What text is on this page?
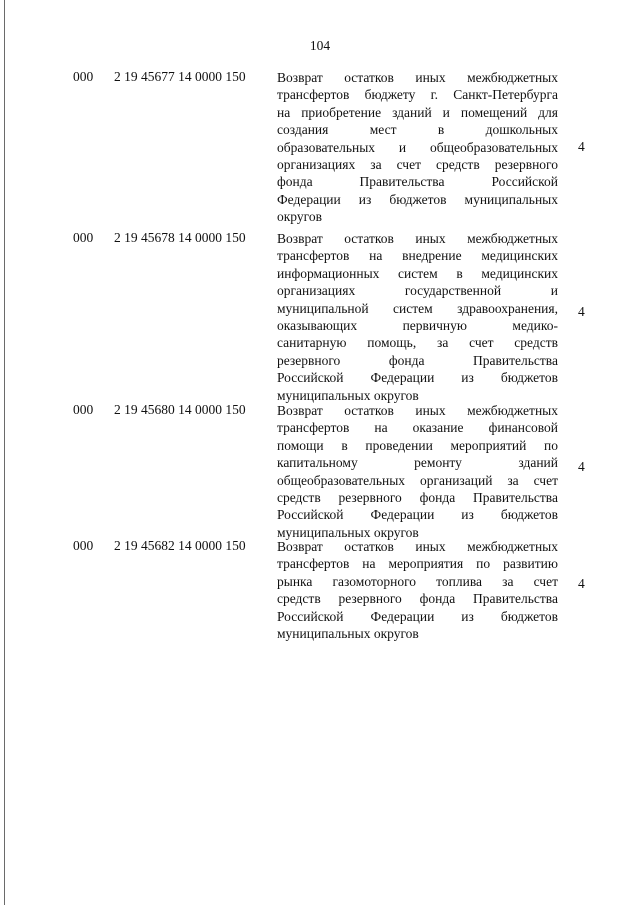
104
000 2 19 45677 14 0000 150 Возврат остатков иных межбюджетных
трансфертов бюджету г. Санкт-Петербурга
на приобретение зданий и помещений для
создания мест в дошкольных
образовательных и общеобразовательных
организациях за счет средств резервного
фонда Правительства Российской
Федерации из бюджетов муниципальных
округов
4
000 2 19 45678 14 0000 150 Возврат остатков иных межбюджетных
трансфертов на внедрение медицинских
информационных систем в медицинских
организациях государственной и
муниципальной систем здравоохранения,
оказывающих первичную медико-
санитарную помощь, за счет средств
резервного фонда Правительства
Российской Федерации из бюджетов
муниципальных округов
4
000 2 19 45680 14 0000 150 Возврат остатков иных межбюджетных
трансфертов на оказание финансовой
помощи в проведении мероприятий по
капитальному ремонту зданий
общеобразовательных организаций за счет
средств резервного фонда Правительства
Российской Федерации из бюджетов
муниципальных округов
4
000 2 19 45682 14 0000 150 Возврат остатков иных межбюджетных
трансфертов на мероприятия по развитию
рынка газомоторного топлива за счет
средств резервного фонда Правительства
Российской Федерации из бюджетов
муниципальных округов
4
